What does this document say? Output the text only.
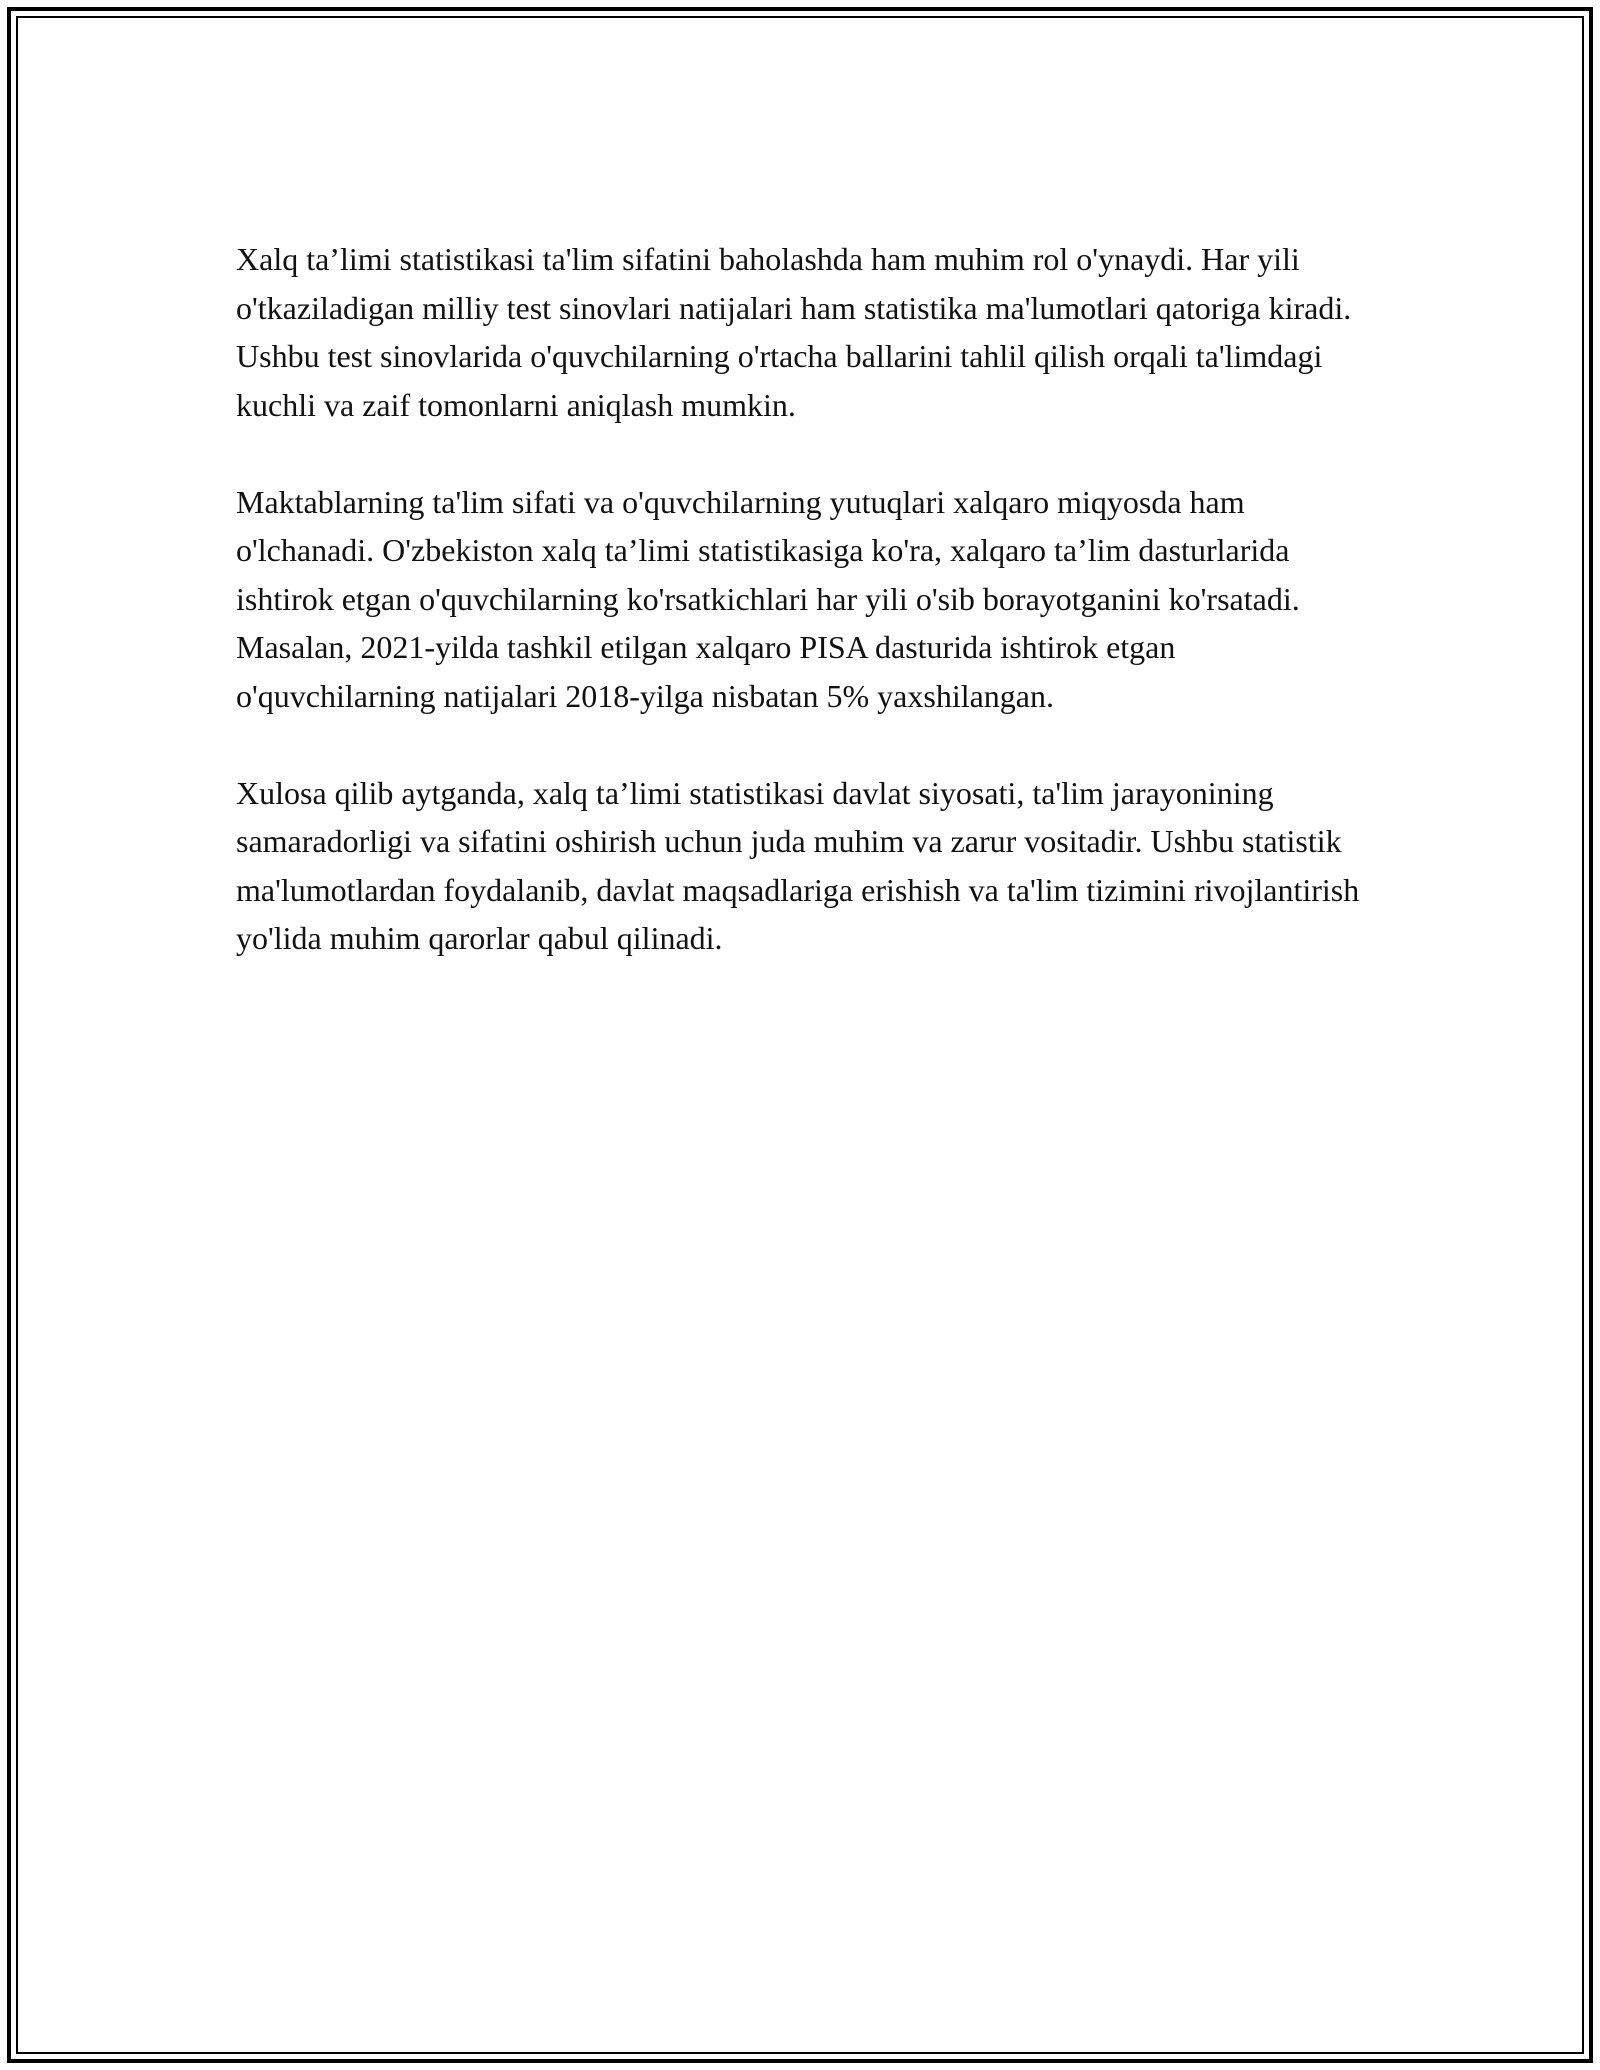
Xalq ta’limi statistikasi ta'lim sifatini baholashda ham muhim rol o'ynaydi. Har yili o'tkaziladigan milliy test sinovlari natijalari ham statistika ma'lumotlari qatoriga kiradi. Ushbu test sinovlarida o'quvchilarning o'rtacha ballarini tahlil qilish orqali ta'limdagi kuchli va zaif tomonlarni aniqlash mumkin.

Maktablarning ta'lim sifati va o'quvchilarning yutuqlari xalqaro miqyosda ham o'lchanadi. O'zbekiston xalq ta’limi statistikasiga ko'ra, xalqaro ta’lim dasturlarida ishtirok etgan o'quvchilarning ko'rsatkichlari har yili o'sib borayotganini ko'rsatadi. Masalan, 2021-yilda tashkil etilgan xalqaro PISA dasturida ishtirok etgan o'quvchilarning natijalari 2018-yilga nisbatan 5% yaxshilangan.

Xulosa qilib aytganda, xalq ta’limi statistikasi davlat siyosati, ta'lim jarayonining samaradorligi va sifatini oshirish uchun juda muhim va zarur vositadir. Ushbu statistik ma'lumotlardan foydalanib, davlat maqsadlariga erishish va ta'lim tizimini rivojlantirish yo'lida muhim qarorlar qabul qilinadi.
